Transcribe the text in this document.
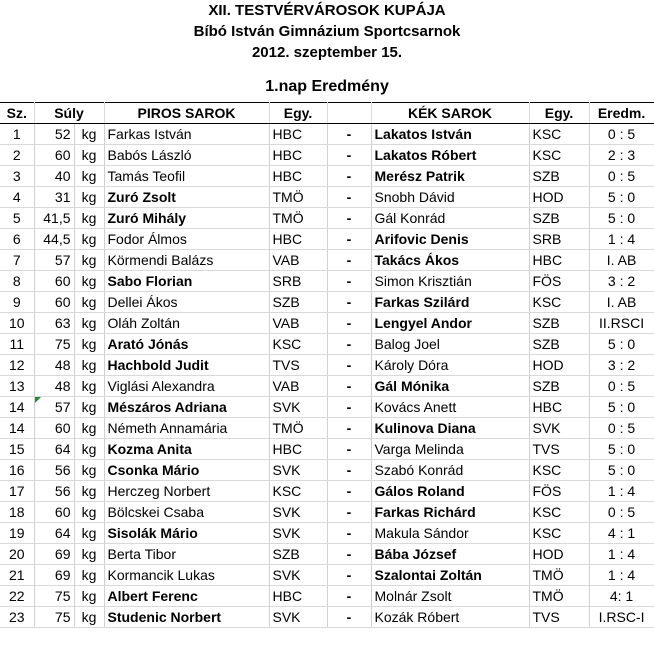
XII. TESTVÉRVÁROSOK KUPÁJA
Bíbó István Gimnázium Sportcsarnok
2012. szeptember 15.
1.nap Eredmény								
Sz.	Súly		PIROS SAROK	Egy.		KÉK SAROK	Egy.	Eredm.
1	52	kg	Farkas István	HBC	-	Lakatos István	KSC	0 : 5
2	60	kg	Babós László	HBC	-	Lakatos Róbert	KSC	2 : 3
3	40	kg	Tamás Teofil	HBC	-	Merész Patrik	SZB	0 : 5
4	31	kg	Zuró Zsolt	TMÖ	-	Snobh Dávid	HOD	5 : 0
5	41,5	kg	Zuró Mihály	TMÖ	-	Gál Konrád	SZB	5 : 0
6	44,5	kg	Fodor Álmos	HBC	-	Arifovic Denis	SRB	1 : 4
7	57	kg	Körmendi Balázs	VAB	-	Takács Ákos	HBC	I. AB
8	60	kg	Sabo Florian	SRB	-	Simon Krisztián	FÖS	3 : 2
9	60	kg	Dellei Ákos	SZB	-	Farkas Szilárd	KSC	I. AB
10	63	kg	Oláh Zoltán	VAB	-	Lengyel Andor	SZB	II.RSCI
11	75	kg	Arató Jónás	KSC	-	Balog Joel	SZB	5 : 0
12	48	kg	Hachbold Judit	TVS	-	Károly Dóra	HOD	3 : 2
13	48	kg	Viglási Alexandra	VAB	-	Gál Mónika	SZB	0 : 5
14	57	kg	Mészáros Adriana	SVK	-	Kovács Anett	HBC	5 : 0
14	60	kg	Németh Annamária	TMÖ	-	Kulinova Diana	SVK	0 : 5
15	64	kg	Kozma Anita	HBC	-	Varga Melinda	TVS	5 : 0
16	56	kg	Csonka Mário	SVK	-	Szabó Konrád	KSC	5 : 0
17	56	kg	Herczeg Norbert	KSC	-	Gálos Roland	FÖS	1 : 4
18	60	kg	Bölcskei Csaba	SVK	-	Farkas Richárd	KSC	0 : 5
19	64	kg	Sisolák Mário	SVK	-	Makula Sándor	KSC	4 : 1
20	69	kg	Berta Tibor	SZB	-	Bába József	HOD	1 : 4
21	69	kg	Kormancik Lukas	SVK	-	Szalontai Zoltán	TMÖ	1 : 4
22	75	kg	Albert Ferenc	HBC	-	Molnár Zsolt	TMÖ	4: 1
23	75	kg	Studenic Norbert	SVK	-	Kozák Róbert	TVS	I.RSC-I
